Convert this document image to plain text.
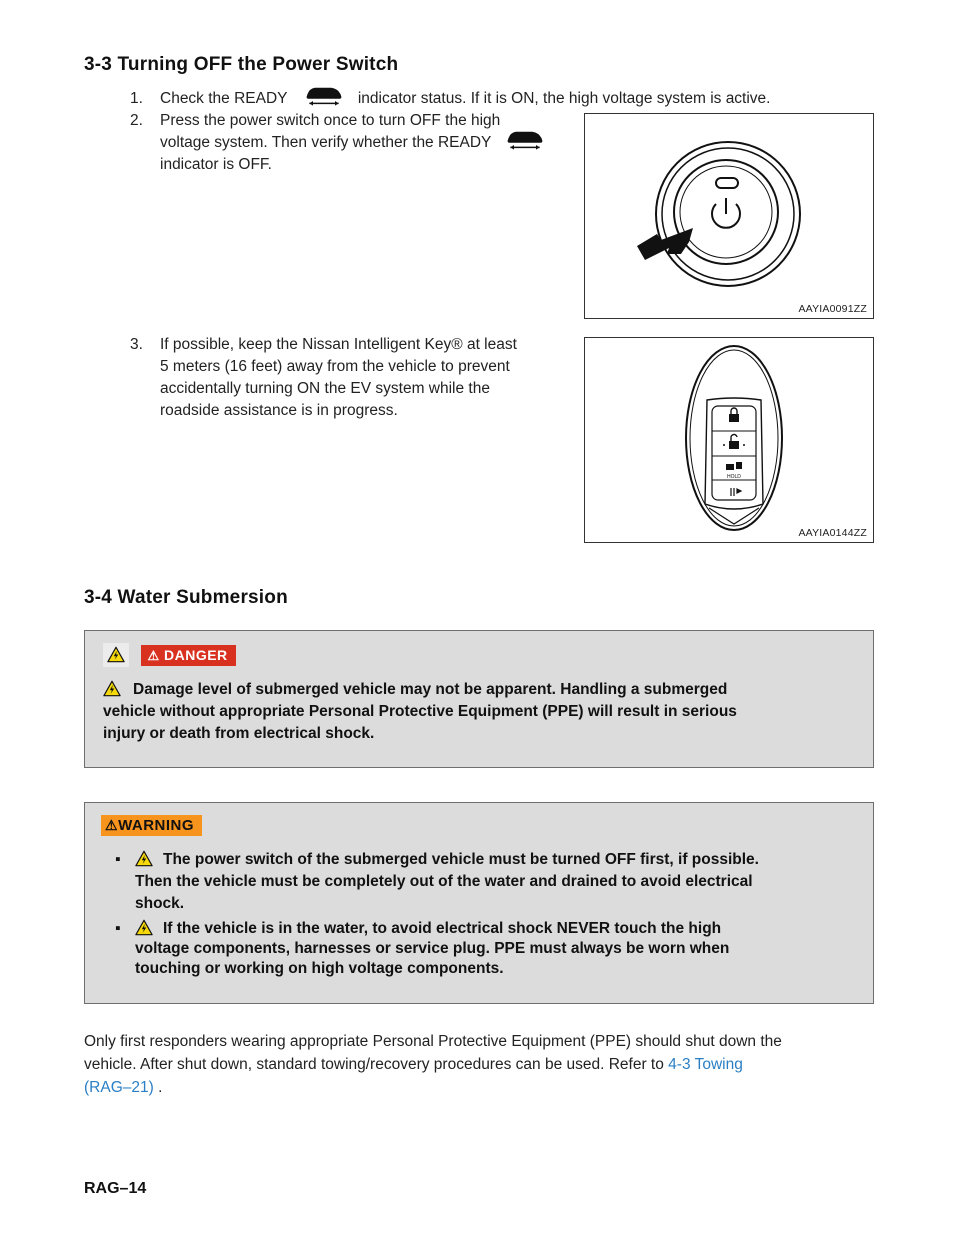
3-3 Turning OFF the Power Switch
1. Check the READY	indicator status. If it is ON, the high voltage system is active.
2. Press the power switch once to turn OFF the high
voltage system. Then verify whether the READY
indicator is OFF.
AAYIA0091ZZ
3. If possible, keep the Nissan Intelligent Key® at least
5 meters (16 feet) away from the vehicle to prevent
accidentally turning ON the EV system while the
roadside assistance is in progress.
HOLD
AAYIA0144ZZ
3-4 Water Submersion
⚠ DANGER
Damage level of submerged vehicle may not be apparent. Handling a submerged
vehicle without appropriate Personal Protective Equipment (PPE) will result in serious
injury or death from electrical shock.
⚠WARNING
▪	The power switch of the submerged vehicle must be turned OFF first, if possible.
Then the vehicle must be completely out of the water and drained to avoid electrical
shock.
▪	If the vehicle is in the water, to avoid electrical shock NEVER touch the high
voltage components, harnesses or service plug. PPE must always be worn when
touching or working on high voltage components.
Only first responders wearing appropriate Personal Protective Equipment (PPE) should shut down the
vehicle. After shut down, standard towing/recovery procedures can be used. Refer to 4-3 Towing
(RAG–21) .
RAG–14
